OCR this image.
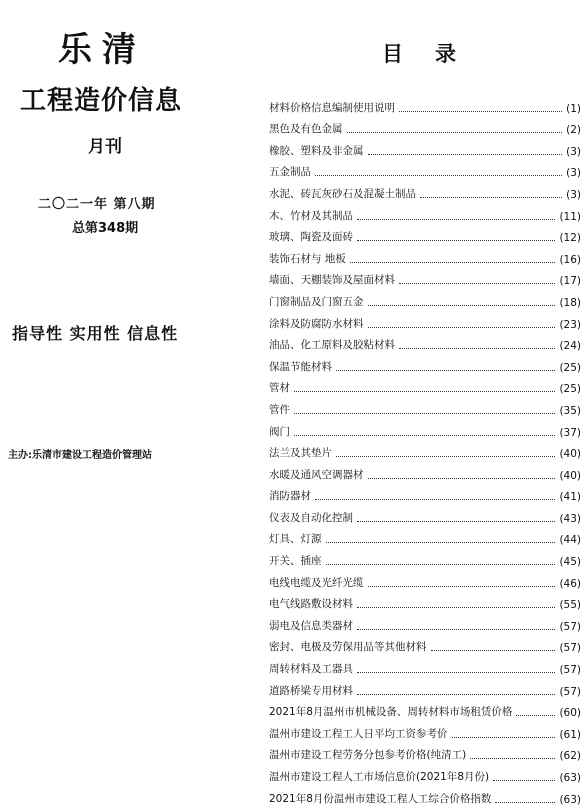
乐清
工程造价信息
月刊
二〇二一年 第八期
总第348期
指导性 实用性 信息性
主办:乐清市建设工程造价管理站
目录
材料价格信息编制使用说明	(1)
黑色及有色金属	(2)
橡胶、塑料及非金属	(3)
五金制品	(3)
水泥、砖瓦灰砂石及混凝土制品	(3)
木、竹材及其制品	(11)
玻璃、陶瓷及面砖	(12)
装饰石材与 地板	(16)
墙面、天棚装饰及屋面材料	(17)
门窗制品及门窗五金	(18)
涂料及防腐防水材料	(23)
油品、化工原料及胶粘材料	(24)
保温节能材料	(25)
管材	(25)
管件	(35)
阀门	(37)
法兰及其垫片	(40)
水暖及通风空调器材	(40)
消防器材	(41)
仪表及自动化控制	(43)
灯具、灯源	(44)
开关、插座	(45)
电线电缆及光纤光缆	(46)
电气线路敷设材料	(55)
弱电及信息类器材	(57)
密封、电极及劳保用品等其他材料	(57)
周转材料及工器具	(57)
道路桥梁专用材料	(57)
2021年8月温州市机械设备、周转材料市场租赁价格	(60)
温州市建设工程工人日平均工资参考价	(61)
温州市建设工程劳务分包参考价格(纯清工)	(62)
温州市建设工程人工市场信息价(2021年8月份)	(63)
2021年8月份温州市建设工程人工综合价格指数	(63)
